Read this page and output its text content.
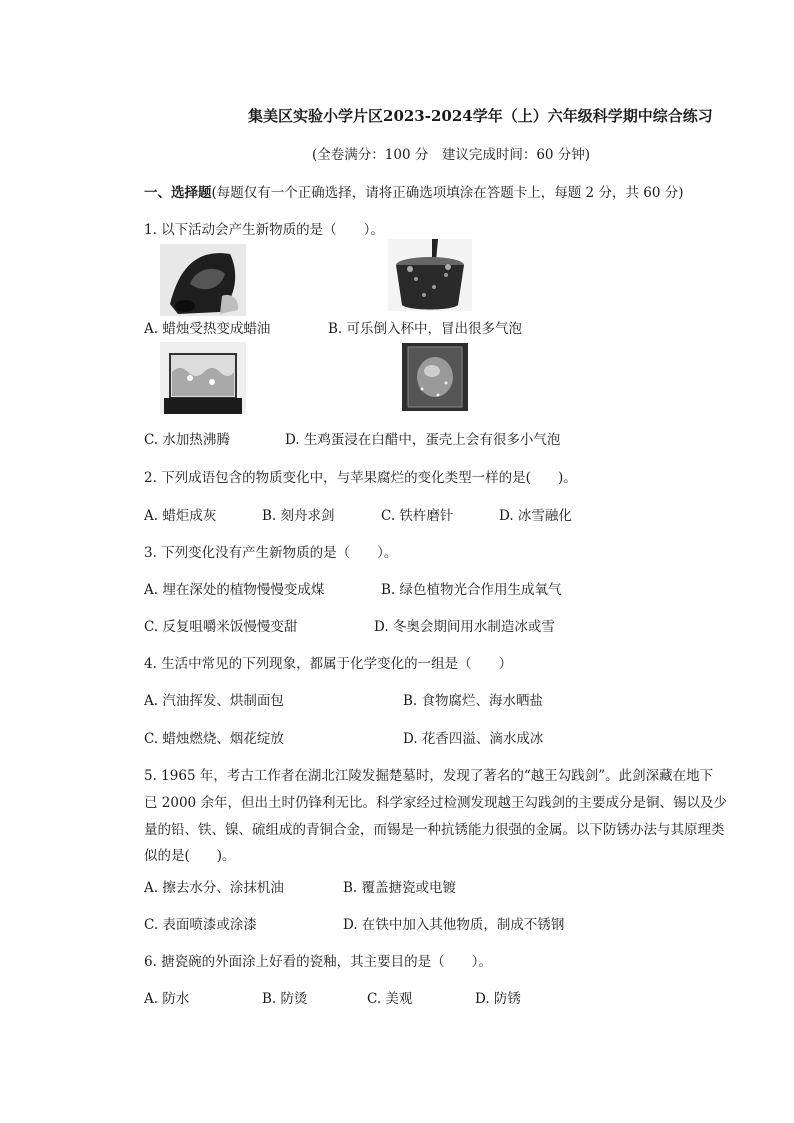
集美区实验小学片区2023-2024学年（上）六年级科学期中综合练习
(全卷满分：100 分　建议完成时间：60 分钟)
一、选择题(每题仅有一个正确选择，请将正确选项填涂在答题卡上，每题 2 分，共 60 分)
1. 以下活动会产生新物质的是（　　）。
A. 蜡烛受热变成蜡油	B. 可乐倒入杯中，冒出很多气泡
C. 水加热沸腾	D. 生鸡蛋浸在白醋中，蛋壳上会有很多小气泡
2. 下列成语包含的物质变化中，与苹果腐烂的变化类型一样的是(　　)。
A. 蜡炬成灰	B. 刻舟求剑	C. 铁杵磨针	D. 冰雪融化
3. 下列变化没有产生新物质的是（　　）。
A. 埋在深处的植物慢慢变成煤	B. 绿色植物光合作用生成氧气
C. 反复咀嚼米饭慢慢变甜	D. 冬奥会期间用水制造冰或雪
4. 生活中常见的下列现象，都属于化学变化的一组是（　　）
A. 汽油挥发、烘制面包	B. 食物腐烂、海水晒盐
C. 蜡烛燃烧、烟花绽放	D. 花香四溢、滴水成冰
5. 1965 年，考古工作者在湖北江陵发掘楚墓时，发现了著名的“越王勾践剑”。此剑深藏在地下
已 2000 余年，但出土时仍锋利无比。科学家经过检测发现越王勾践剑的主要成分是铜、锡以及少
量的铅、铁、镍、硫组成的青铜合金，而锡是一种抗锈能力很强的金属。以下防锈办法与其原理类
似的是(　　)。
A. 擦去水分、涂抹机油	B. 覆盖搪瓷或电镀
C. 表面喷漆或涂漆	D. 在铁中加入其他物质，制成不锈钢
6. 搪瓷碗的外面涂上好看的瓷釉，其主要目的是（　　）。
A. 防水	B. 防烫	C. 美观	D. 防锈
